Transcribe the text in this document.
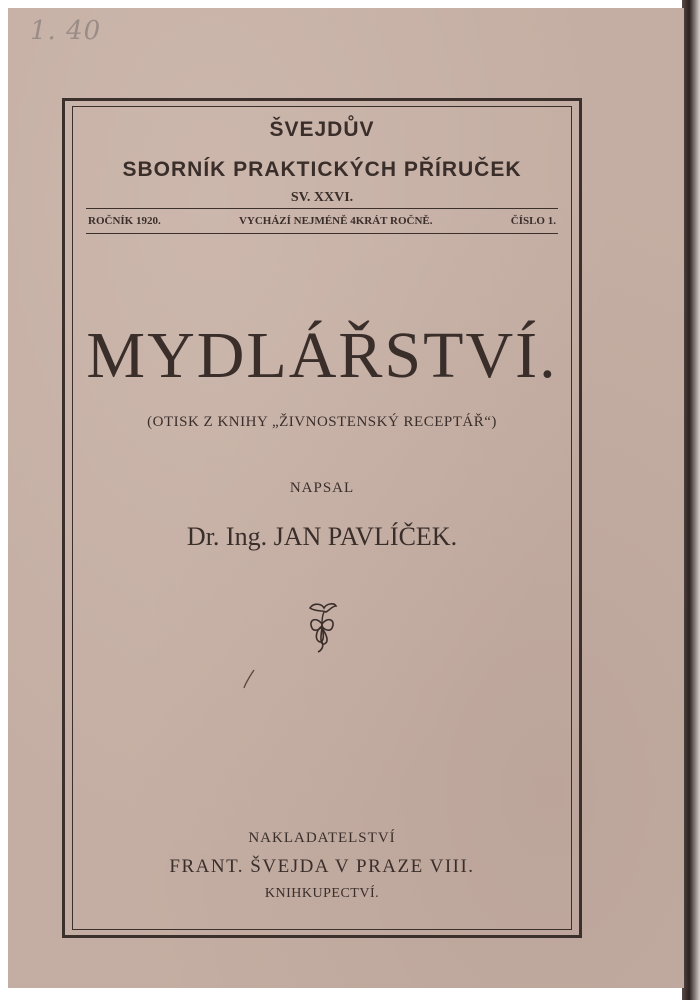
1. 40
ŠVEJDŮV
SBORNÍK PRAKTICKÝCH PŘÍRUČEK
SV. XXVI.
ROČNÍK 1920.	VYCHÁZÍ NEJMÉNĚ 4KRÁT ROČNĚ.	ČÍSLO 1.
MYDLÁŘSTVÍ.
(OTISK Z KNIHY „ŽIVNOSTENSKÝ RECEPTÁŘ“)
NAPSAL
Dr. Ing. JAN PAVLÍČEK.
NAKLADATELSTVÍ
FRANT. ŠVEJDA V PRAZE VIII.
KNIHKUPECTVÍ.
